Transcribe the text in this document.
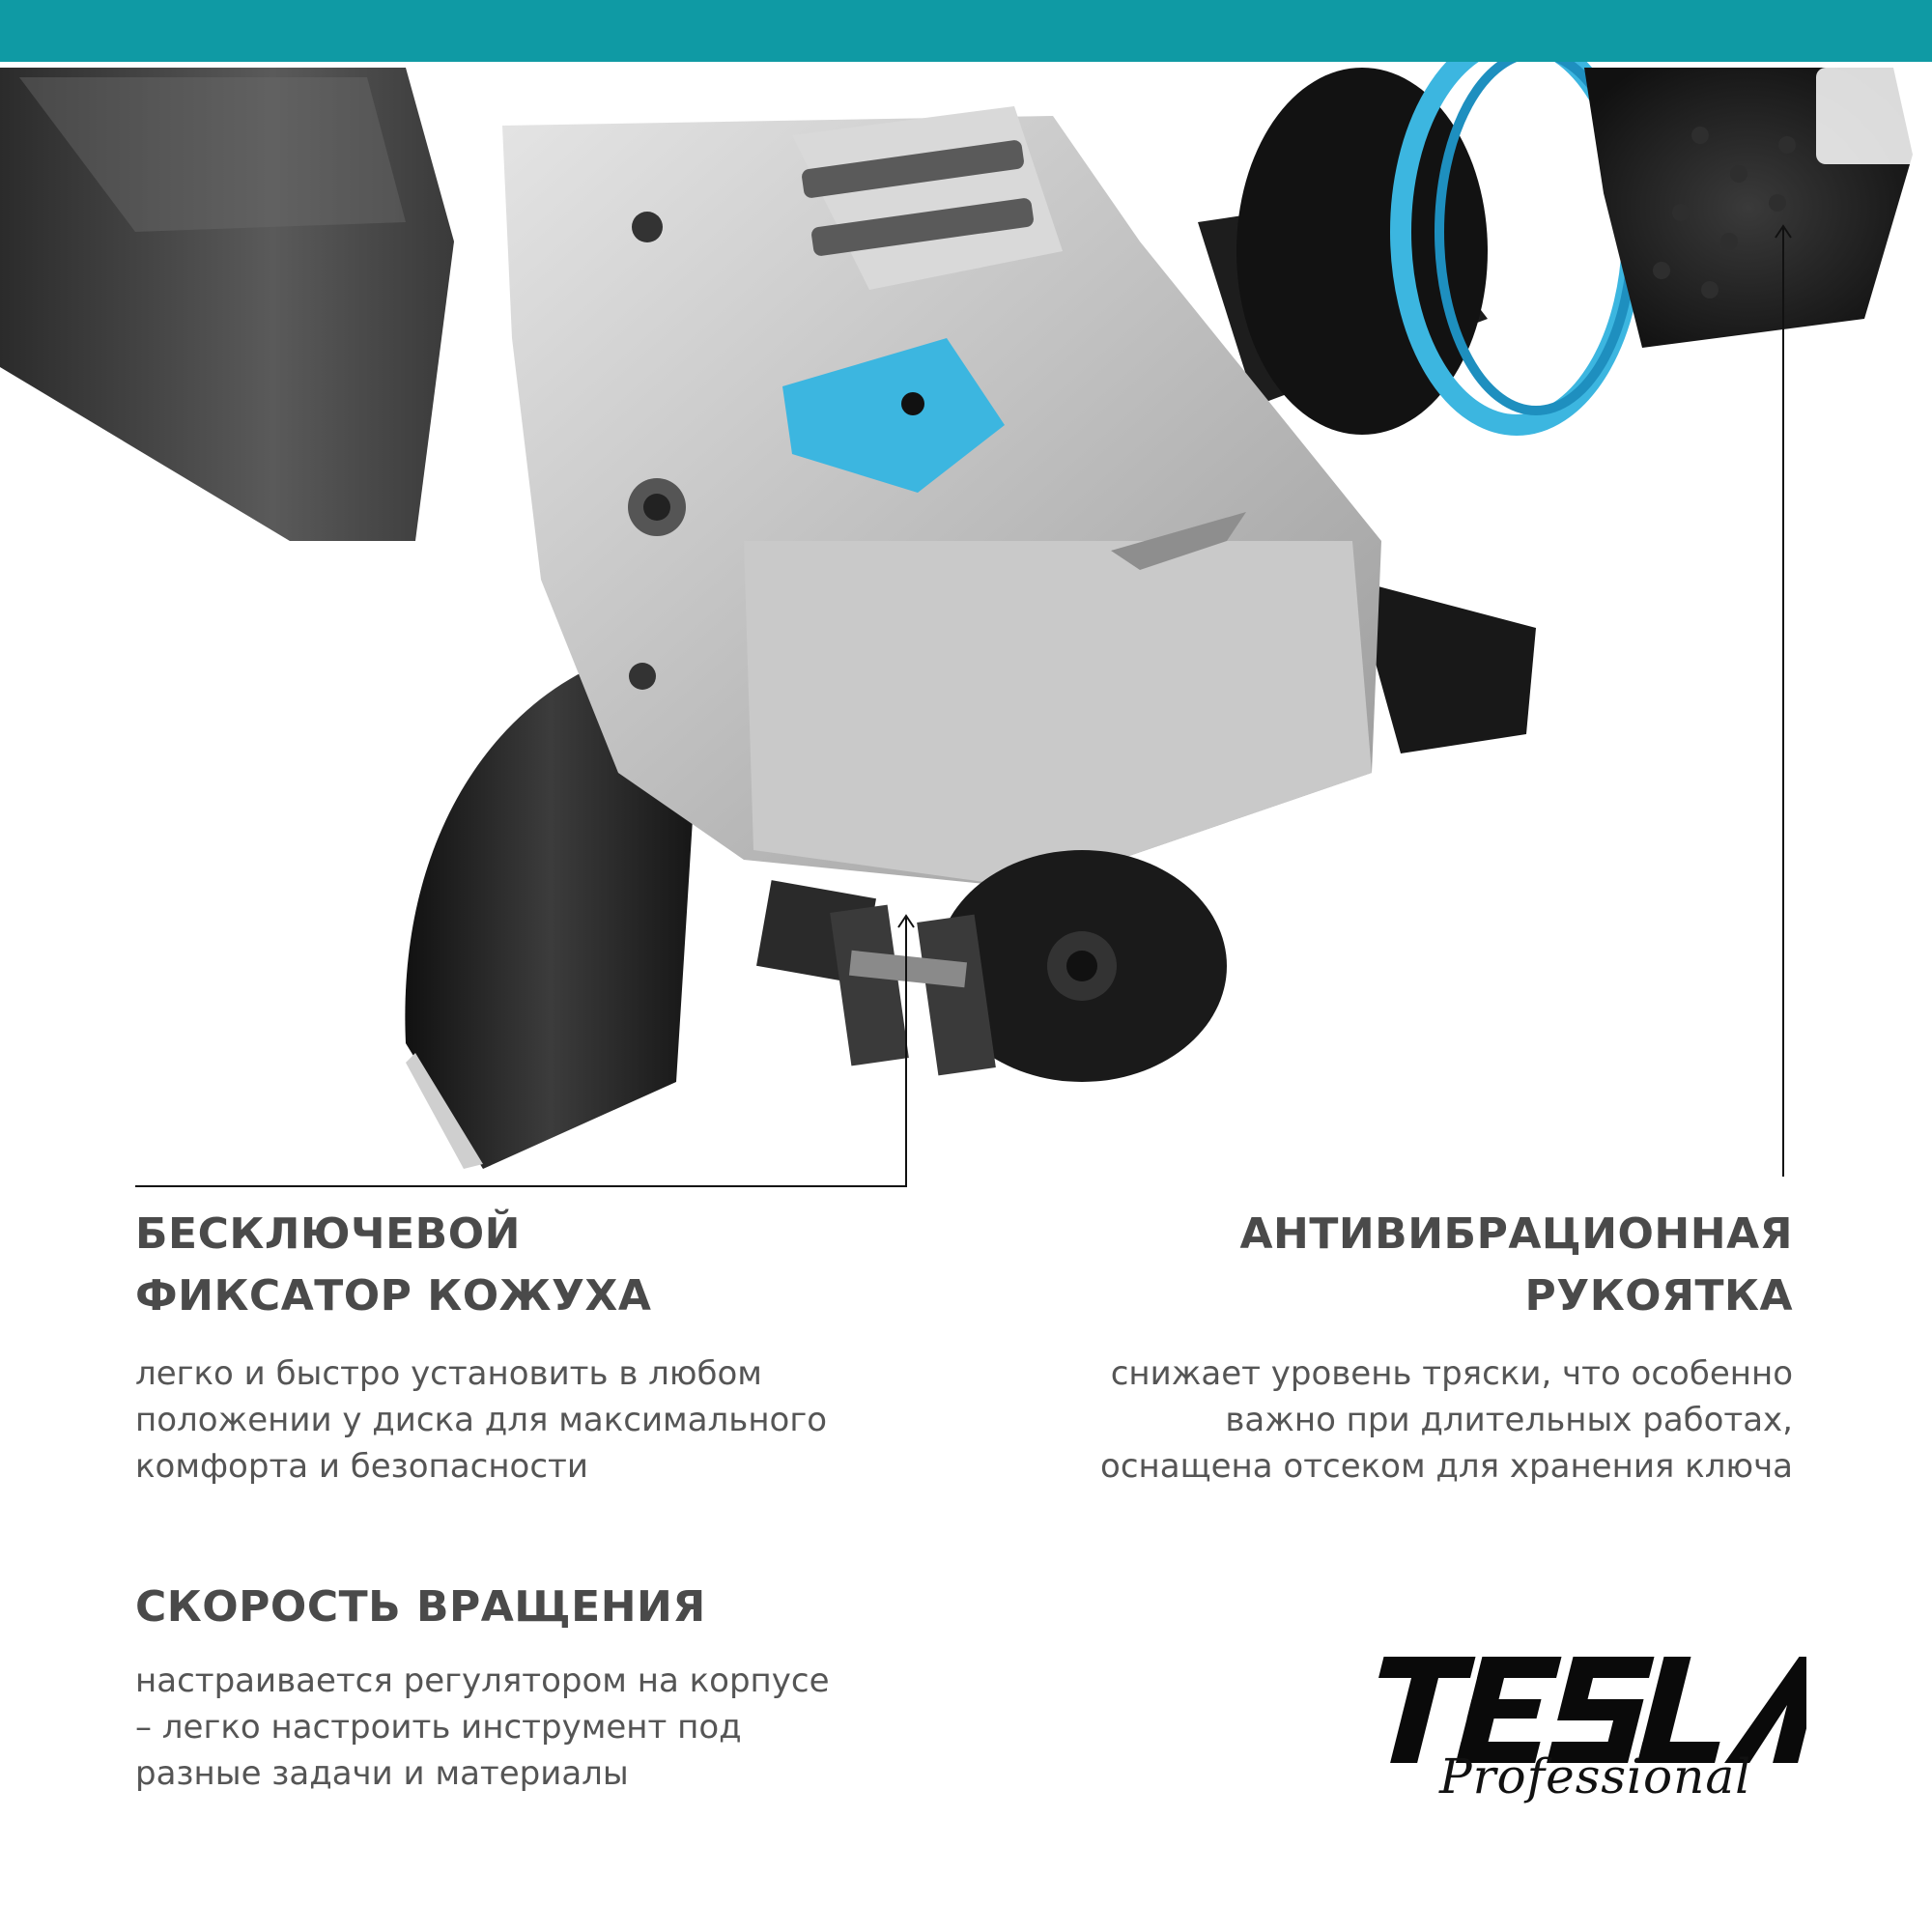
БЕСКЛЮЧЕВОЙ
ФИКСАТОР КОЖУХА

легко и быстро установить в любом
положении у диска для максимального
комфорта и безопасности

АНТИВИБРАЦИОННАЯ
РУКОЯТКА

снижает уровень тряски, что особенно
важно при длительных работах,
оснащена отсеком для хранения ключа

СКОРОСТЬ ВРАЩЕНИЯ

настраивается регулятором на корпусе
– легко настроить инструмент под
разные задачи и материалы	Professional
